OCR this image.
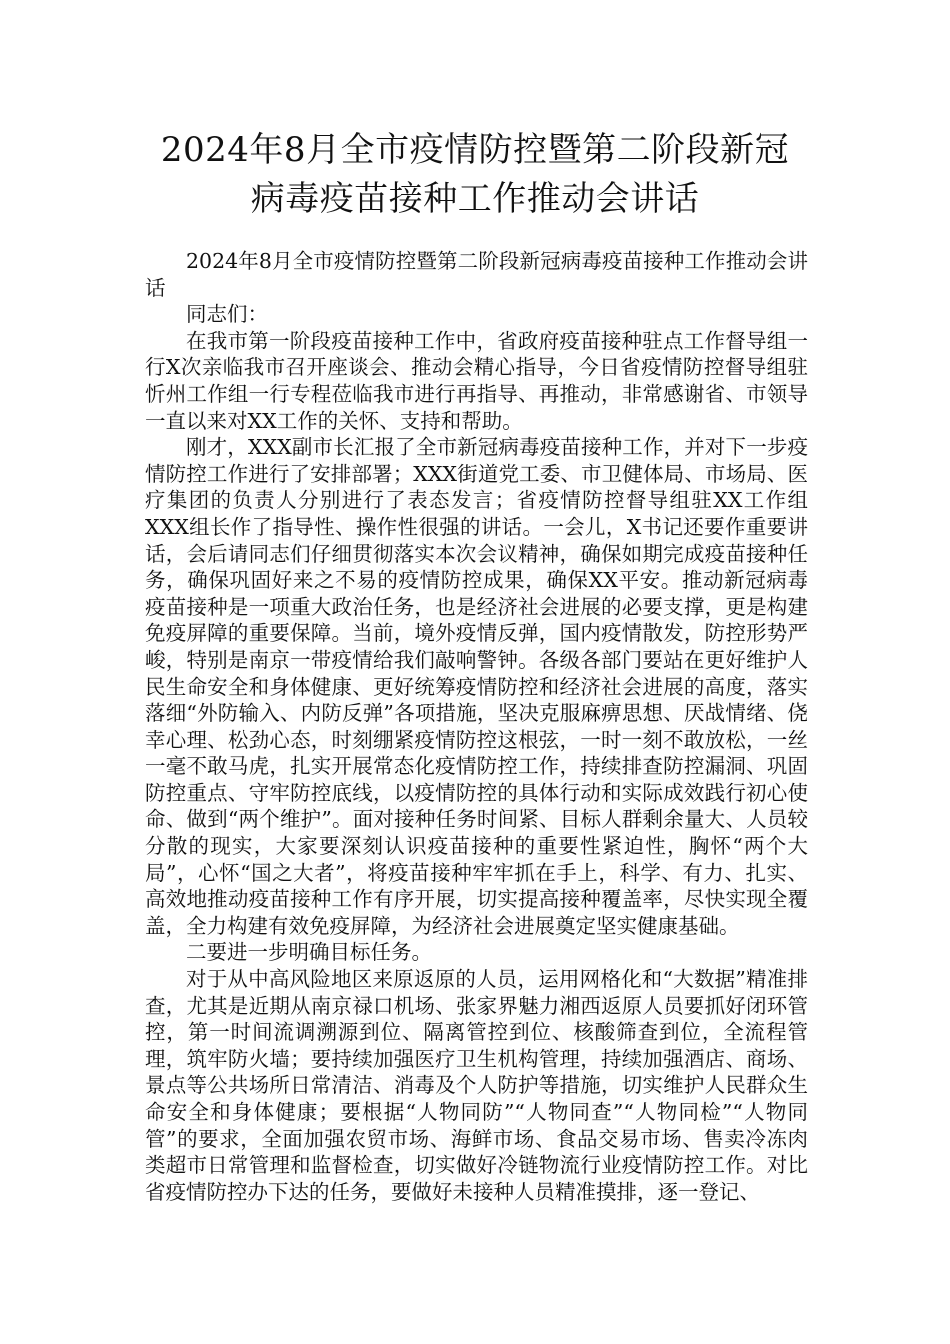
2024年8月全市疫情防控暨第二阶段新冠
病毒疫苗接种工作推动会讲话

2024年8月全市疫情防控暨第二阶段新冠病毒疫苗接种工作推动会讲话

同志们：

在我市第一阶段疫苗接种工作中，省政府疫苗接种驻点工作督导组一行X次亲临我市召开座谈会、推动会精心指导，今日省疫情防控督导组驻忻州工作组一行专程莅临我市进行再指导、再推动，非常感谢省、市领导一直以来对XX工作的关怀、支持和帮助。

刚才，XXX副市长汇报了全市新冠病毒疫苗接种工作，并对下一步疫情防控工作进行了安排部署；XXX街道党工委、市卫健体局、市场局、医疗集团的负责人分别进行了表态发言；省疫情防控督导组驻XX工作组XXX组长作了指导性、操作性很强的讲话。一会儿，X书记还要作重要讲话，会后请同志们仔细贯彻落实本次会议精神，确保如期完成疫苗接种任务，确保巩固好来之不易的疫情防控成果，确保XX平安。推动新冠病毒疫苗接种是一项重大政治任务，也是经济社会进展的必要支撑，更是构建免疫屏障的重要保障。当前，境外疫情反弹，国内疫情散发，防控形势严峻，特别是南京一带疫情给我们敲响警钟。各级各部门要站在更好维护人民生命安全和身体健康、更好统筹疫情防控和经济社会进展的高度，落实落细“外防输入、内防反弹”各项措施，坚决克服麻痹思想、厌战情绪、侥幸心理、松劲心态，时刻绷紧疫情防控这根弦，一时一刻不敢放松，一丝一毫不敢马虎，扎实开展常态化疫情防控工作，持续排查防控漏洞、巩固防控重点、守牢防控底线，以疫情防控的具体行动和实际成效践行初心使命、做到“两个维护”。面对接种任务时间紧、目标人群剩余量大、人员较分散的现实，大家要深刻认识疫苗接种的重要性紧迫性，胸怀“两个大局”，心怀“国之大者”，将疫苗接种牢牢抓在手上，科学、有力、扎实、高效地推动疫苗接种工作有序开展，切实提高接种覆盖率，尽快实现全覆盖，全力构建有效免疫屏障，为经济社会进展奠定坚实健康基础。

二要进一步明确目标任务。

对于从中高风险地区来原返原的人员，运用网格化和“大数据”精准排查，尤其是近期从南京禄口机场、张家界魅力湘西返原人员要抓好闭环管控，第一时间流调溯源到位、隔离管控到位、核酸筛查到位，全流程管理，筑牢防火墙；要持续加强医疗卫生机构管理，持续加强酒店、商场、景点等公共场所日常清洁、消毒及个人防护等措施，切实维护人民群众生命安全和身体健康；要根据“人物同防”“人物同查”“人物同检”“人物同管”的要求，全面加强农贸市场、海鲜市场、食品交易市场、售卖冷冻肉类超市日常管理和监督检查，切实做好冷链物流行业疫情防控工作。对比省疫情防控办下达的任务，要做好未接种人员精准摸排，逐一登记、
